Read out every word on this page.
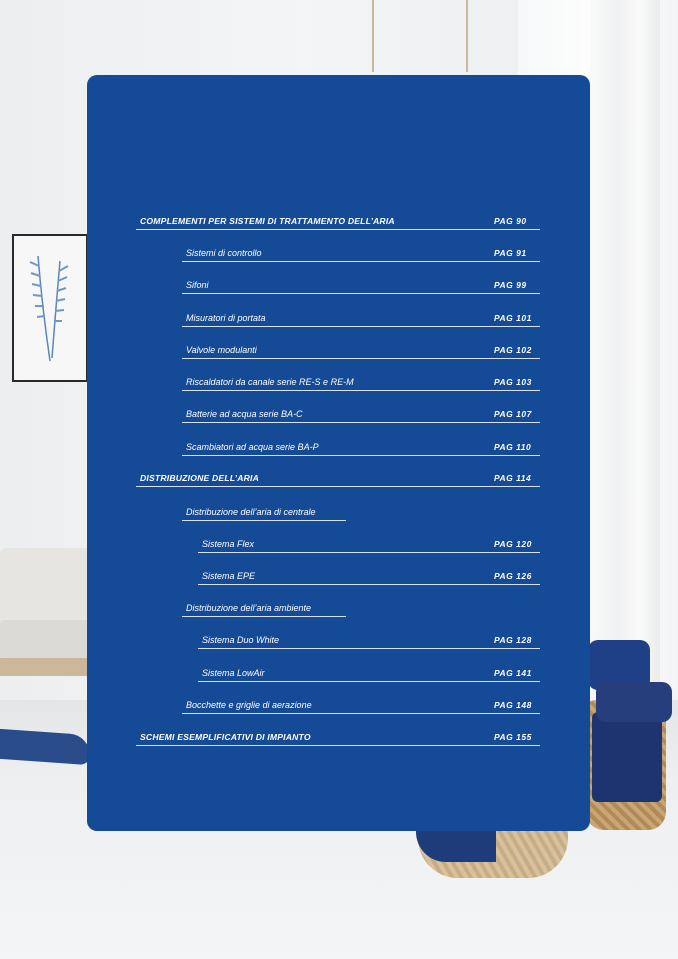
COMPLEMENTI PER SISTEMI DI TRATTAMENTO DELL’ARIA	PAG 90
Sistemi di controllo	PAG 91
Sifoni	PAG 99
Misuratori di portata	PAG 101
Valvole modulanti	PAG 102
Riscaldatori da canale serie RE-S e RE-M	PAG 103
Batterie ad acqua serie BA-C	PAG 107
Scambiatori ad acqua serie BA-P	PAG 110
DISTRIBUZIONE DELL’ARIA	PAG 114
Distribuzione dell’aria di centrale
Sistema Flex	PAG 120
Sistema EPE	PAG 126
Distribuzione dell’aria ambiente
Sistema Duo White	PAG 128
Sistema LowAir	PAG 141
Bocchette e griglie di aerazione	PAG 148
SCHEMI ESEMPLIFICATIVI DI IMPIANTO	PAG 155
